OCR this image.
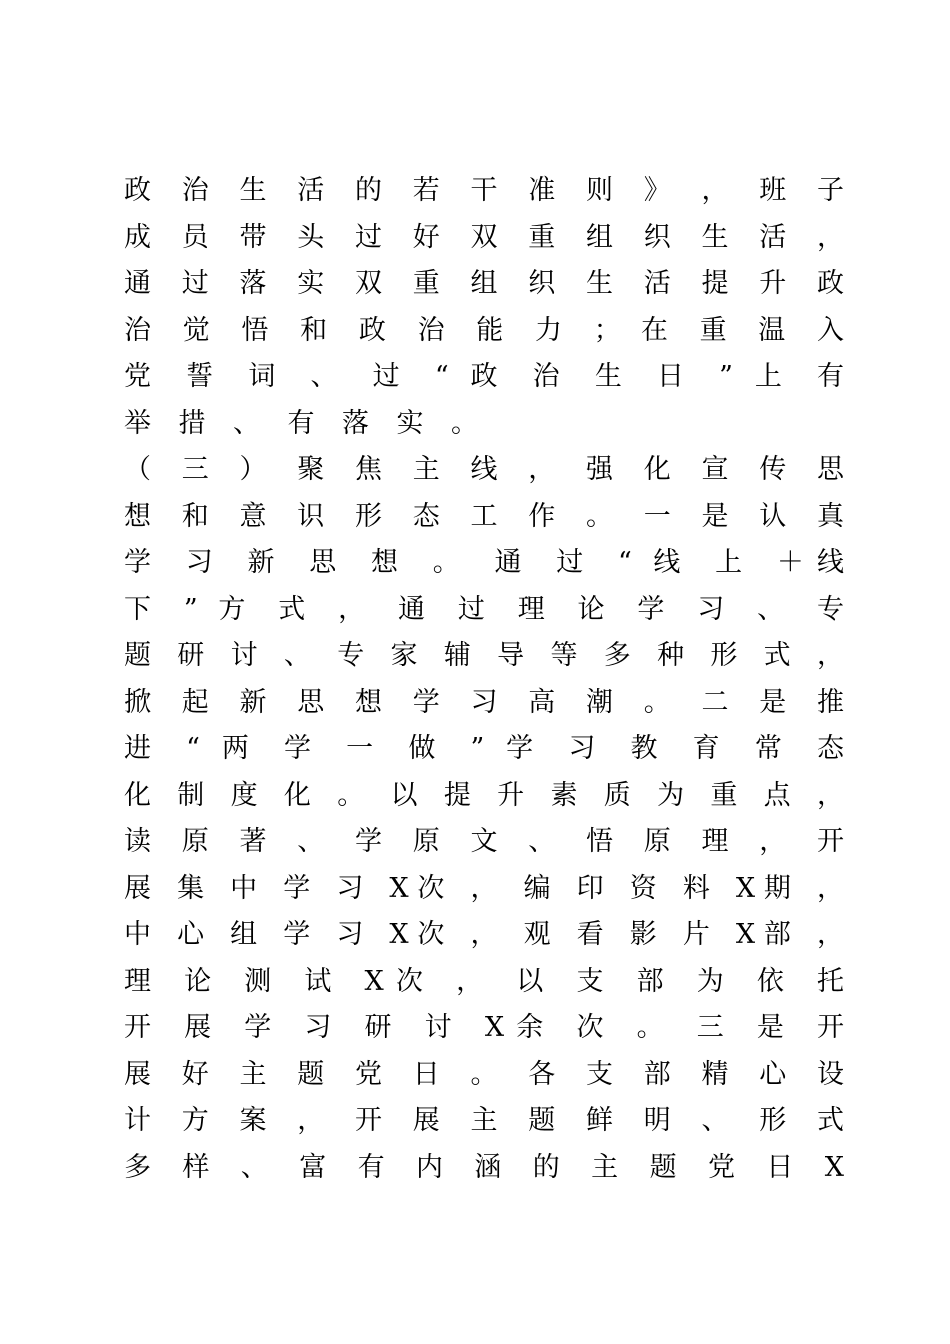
政 治 生 活 的 若 干 准 则 》 ， 班 子
成 员 带 头 过 好 双 重 组 织 生 活 ，
通 过 落 实 双 重 组 织 生 活 提 升 政
治 觉 悟 和 政 治 能 力 ； 在 重 温 入
党 誓 词 、 过 “ 政 治 生 日 ” 上 有
举措、有落实。
（ 三 ） 聚 焦 主 线 ， 强 化 宣 传 思
想 和 意 识 形 态 工 作 。 一 是 认 真
学 习 新 思 想 。 通 过 “ 线 上 ＋线
下 ” 方 式 ， 通 过 理 论 学 习 、 专
题 研 讨 、 专 家 辅 导 等 多 种 形 式 ，
掀 起 新 思 想 学 习 高 潮 。 二 是 推
进 “ 两 学 一 做 ” 学 习 教 育 常 态
化 制 度 化 。 以 提 升 素 质 为 重 点 ，
读 原 著 、 学 原 文 、 悟 原 理 ， 开
展 集 中 学 习 X次 ， 编 印 资 料 X期 ，
中 心 组 学 习 X次 ， 观 看 影 片 X部 ，
理 论 测 试 X次 ， 以 支 部 为 依 托
开 展 学 习 研 讨 X余 次 。 三 是 开
展 好 主 题 党 日 。 各 支 部 精 心 设
计 方 案 ， 开 展 主 题 鲜 明 、 形 式
多 样 、 富 有 内 涵 的 主 题 党 日 X
